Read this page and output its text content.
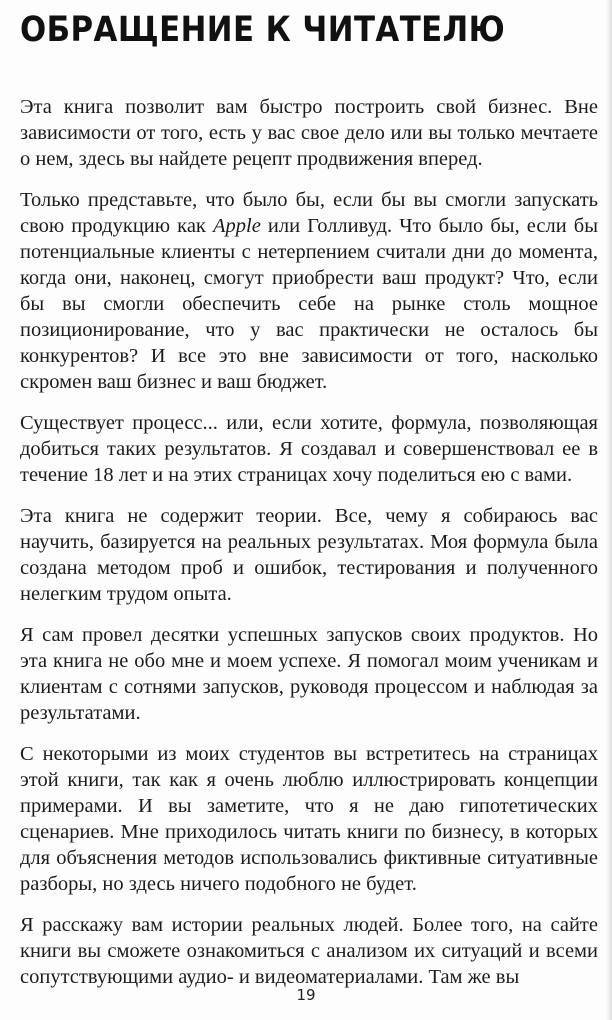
ОБРАЩЕНИЕ К ЧИТАТЕЛЮ

Эта книга позволит вам быстро построить свой бизнес. Вне зависимости от того, есть у вас свое дело или вы только мечтаете о нем, здесь вы найдете рецепт продвижения вперед.

Только представьте, что было бы, если бы вы смогли запускать свою продукцию как Apple или Голливуд. Что было бы, если бы потенциальные клиенты с нетерпением считали дни до момента, когда они, наконец, смогут приобрести ваш продукт? Что, если бы вы смогли обеспечить себе на рынке столь мощное позиционирование, что у вас практически не осталось бы конкурентов? И все это вне зависимости от того, насколько скромен ваш бизнес и ваш бюджет.

Существует процесс... или, если хотите, формула, позволяющая добиться таких результатов. Я создавал и совершенствовал ее в течение 18 лет и на этих страницах хочу поделиться ею с вами.

Эта книга не содержит теории. Все, чему я собираюсь вас научить, базируется на реальных результатах. Моя формула была создана методом проб и ошибок, тестирования и полученного нелегким трудом опыта.

Я сам провел десятки успешных запусков своих продуктов. Но эта книга не обо мне и моем успехе. Я помогал моим ученикам и клиентам с сотнями запусков, руководя процессом и наблюдая за результатами.

С некоторыми из моих студентов вы встретитесь на страницах этой книги, так как я очень люблю иллюстрировать концепции примерами. И вы заметите, что я не даю гипотетических сценариев. Мне приходилось читать книги по бизнесу, в которых для объяснения методов использовались фиктивные ситуативные разборы, но здесь ничего подобного не будет.

Я расскажу вам истории реальных людей. Более того, на сайте книги вы сможете ознакомиться с анализом их ситуаций и всеми сопутствующими аудио- и видеоматериалами. Там же вы

19
